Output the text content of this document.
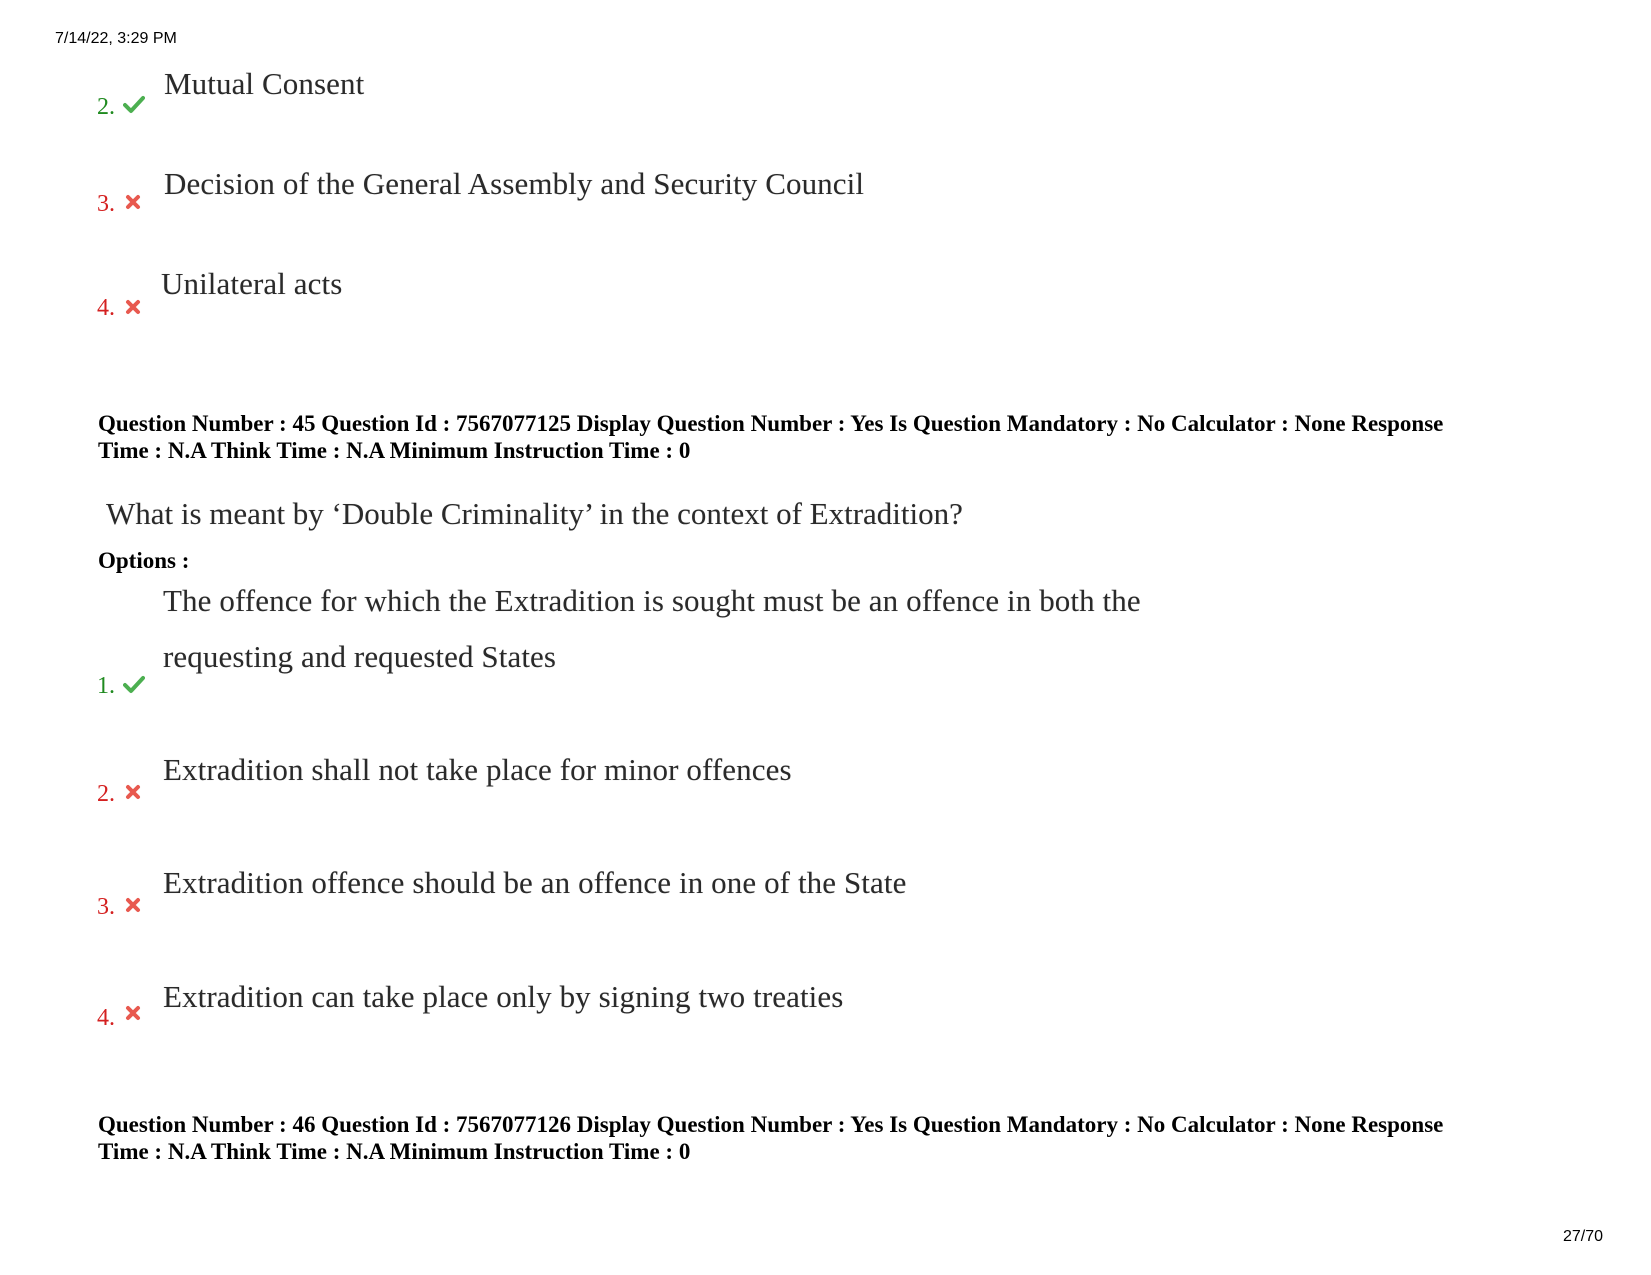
7/14/22, 3:29 PM
2.
Mutual Consent
3.
Decision of the General Assembly and Security Council
4.
Unilateral acts
Question Number : 45 Question Id : 7567077125 Display Question Number : Yes Is Question Mandatory : No Calculator : None Response
Time : N.A Think Time : N.A Minimum Instruction Time : 0
What is meant by ‘Double Criminality’ in the context of Extradition?
Options :
1.
The offence for which the Extradition is sought must be an offence in both the
requesting and requested States
2.
Extradition shall not take place for minor offences
3.
Extradition offence should be an offence in one of the State
4.
Extradition can take place only by signing two treaties
Question Number : 46 Question Id : 7567077126 Display Question Number : Yes Is Question Mandatory : No Calculator : None Response
Time : N.A Think Time : N.A Minimum Instruction Time : 0
27/70
